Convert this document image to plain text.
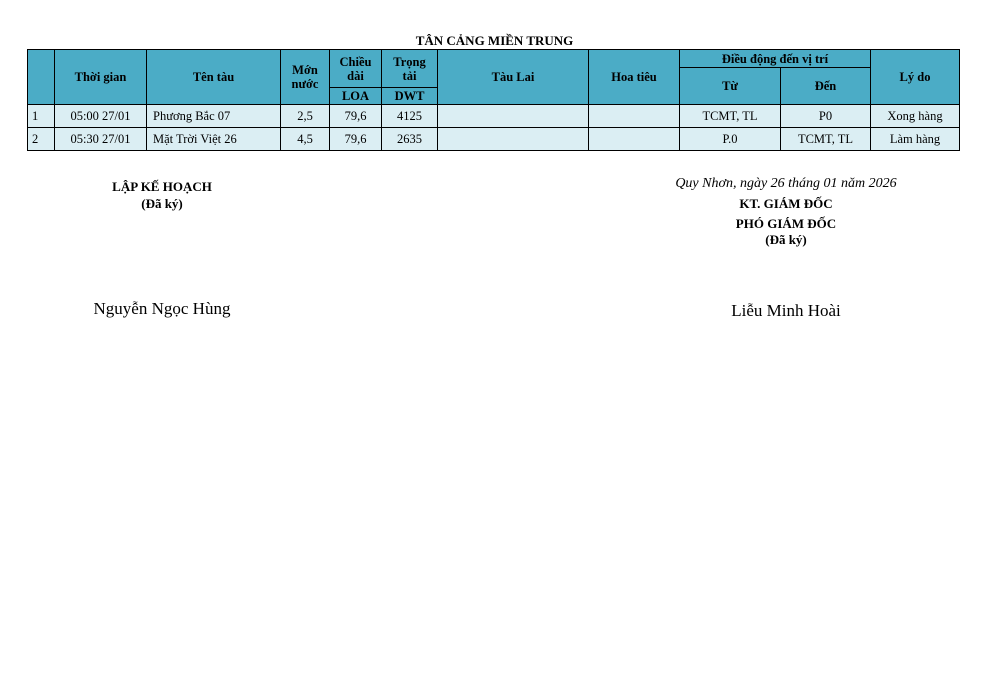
TÂN CẢNG MIỀN TRUNG
	Thời gian	Tên tàu	Mớn nước	Chiều dài	Trọng tải	Tàu Lai	Hoa tiêu	Điều động đến vị trí		Lý do
								Từ	Đến	
				LOA	DWT					
1	05:00 27/01	Phương Bắc 07	2,5	79,6	4125			TCMT, TL	P0	Xong hàng
2	05:30 27/01	Mặt Trời Việt 26	4,5	79,6	2635			P.0	TCMT, TL	Làm hàng
LẬP KẾ HOẠCH
(Đã ký)
Nguyễn Ngọc Hùng
Quy Nhơn, ngày 26 tháng 01 năm 2026
KT. GIÁM ĐỐC
PHÓ GIÁM ĐỐC
(Đã ký)
Liễu Minh Hoài
